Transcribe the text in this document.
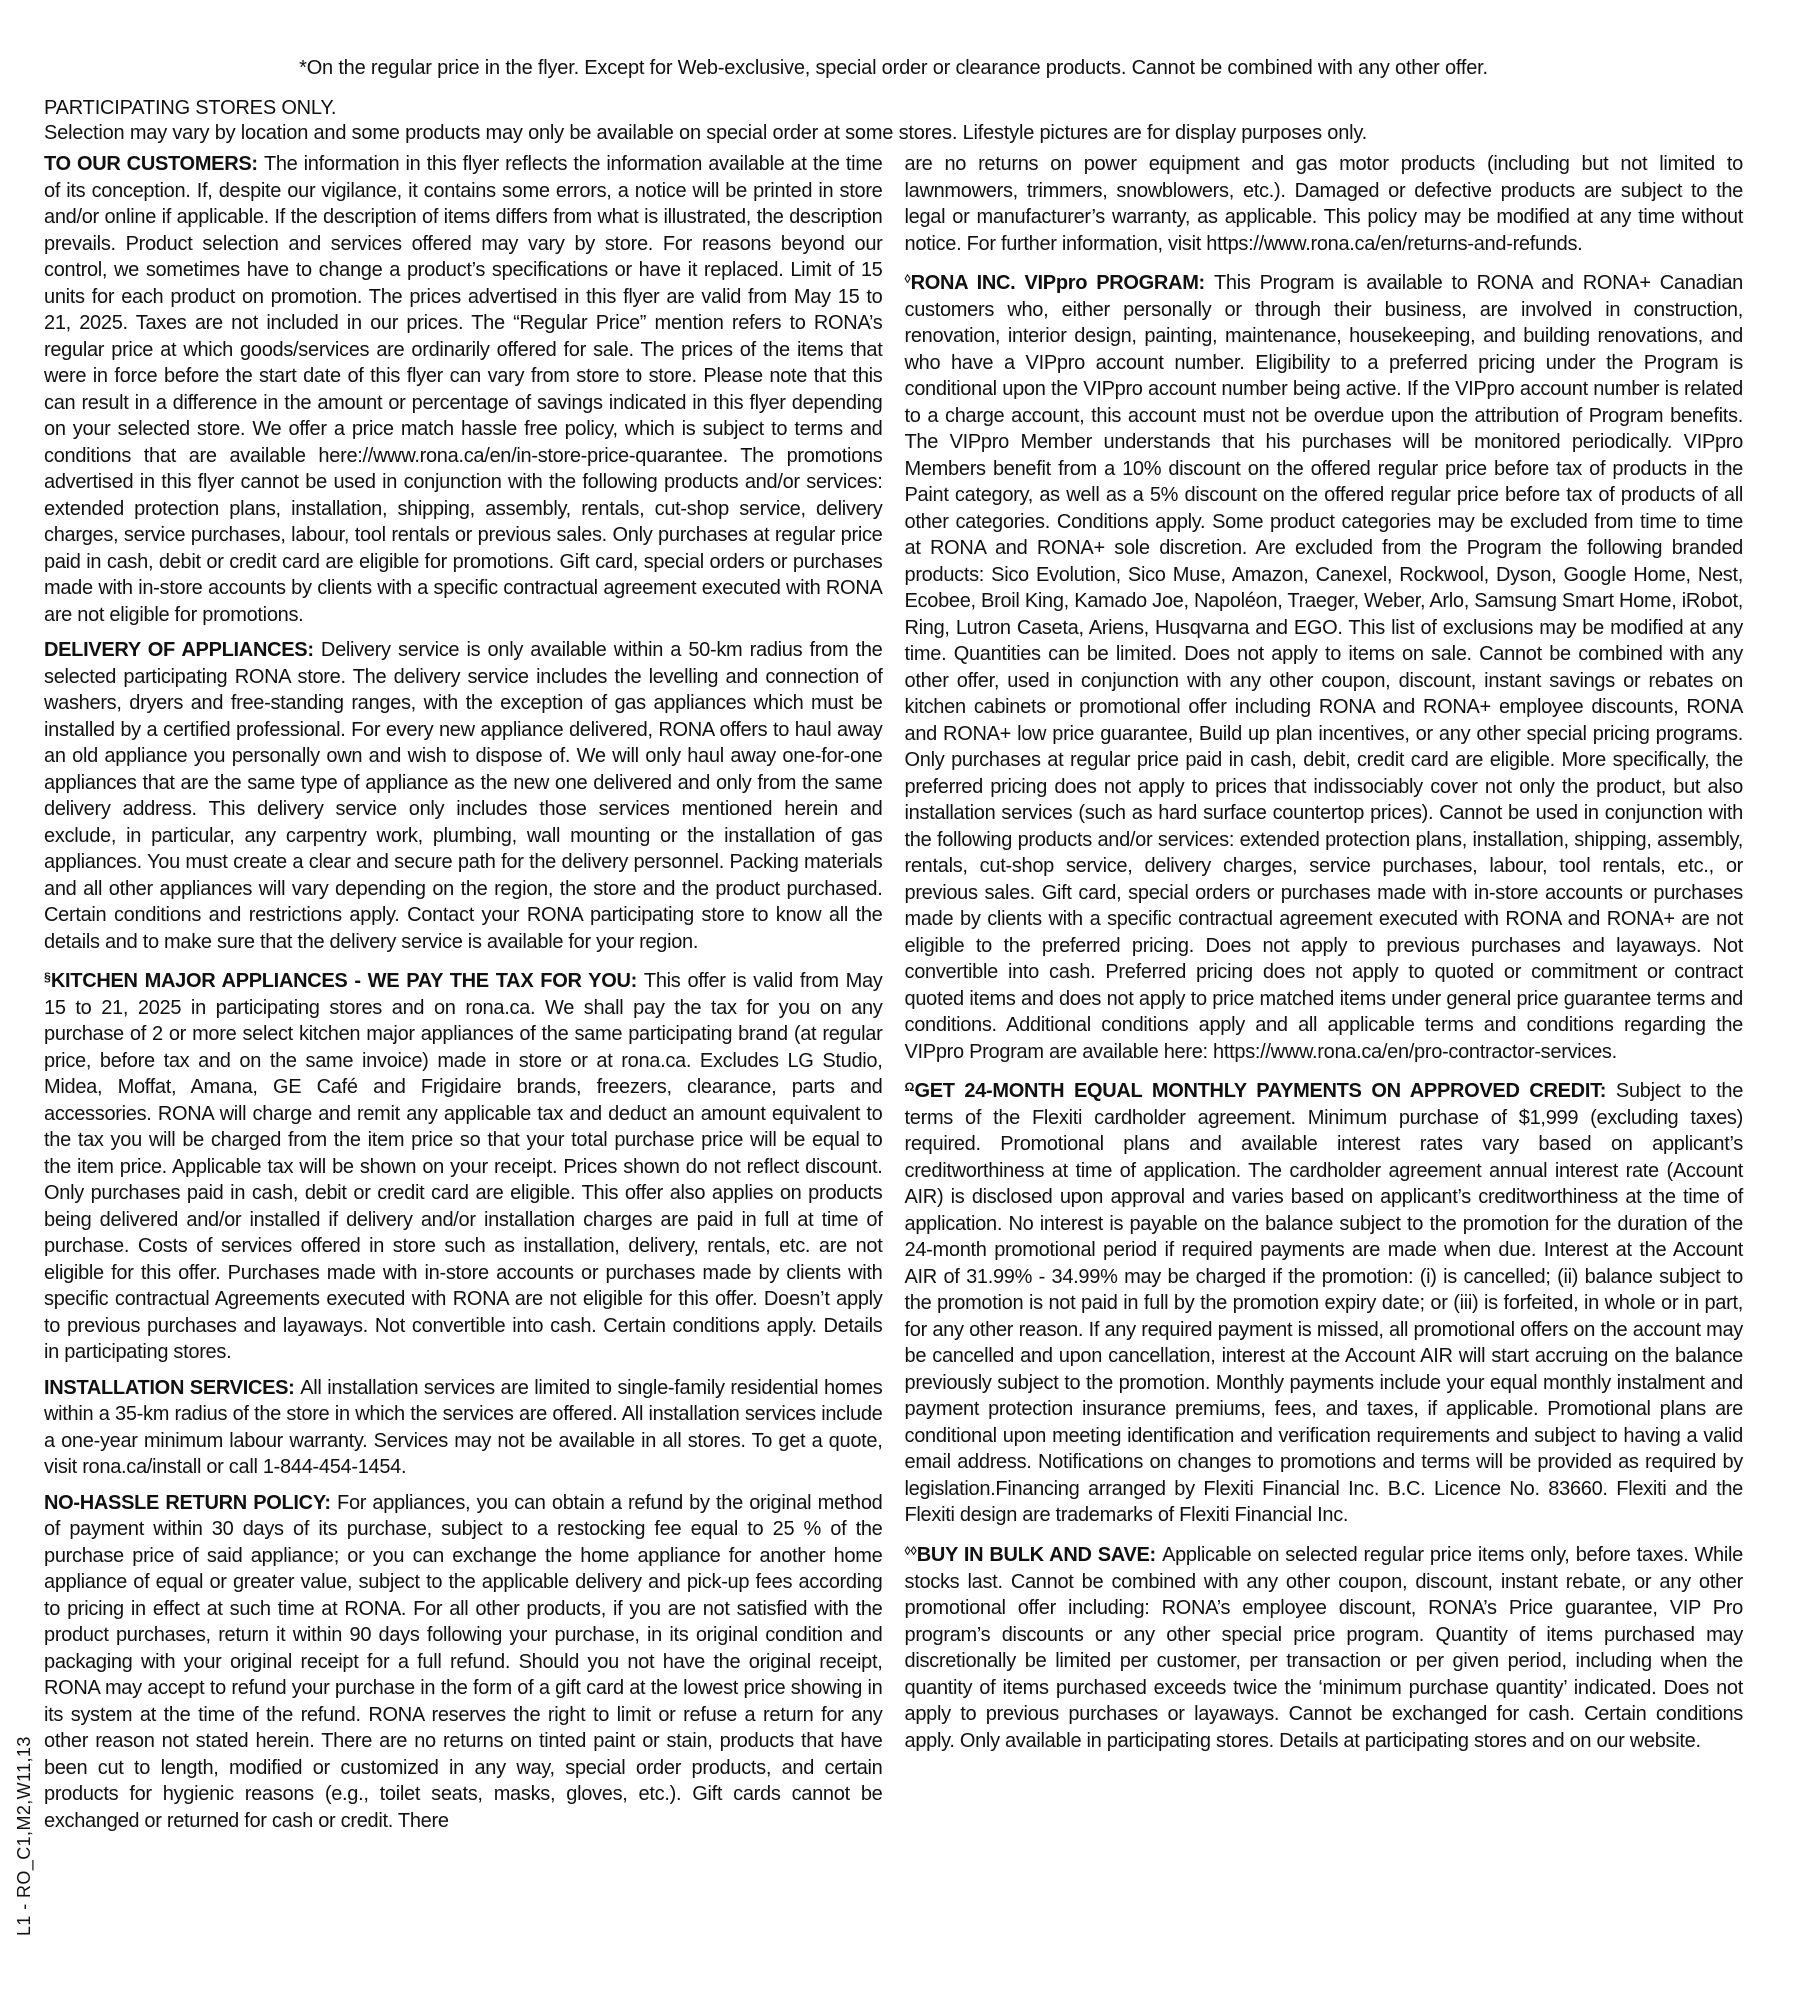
*On the regular price in the flyer. Except for Web-exclusive, special order or clearance products. Cannot be combined with any other offer.

PARTICIPATING STORES ONLY.

Selection may vary by location and some products may only be available on special order at some stores. Lifestyle pictures are for display purposes only.

TO OUR CUSTOMERS: The information in this flyer reflects the information available at the time of its conception. If, despite our vigilance, it contains some errors, a notice will be printed in store and/or online if applicable. If the description of items differs from what is illustrated, the description prevails. Product selection and services offered may vary by store. For reasons beyond our control, we sometimes have to change a product’s specifications or have it replaced. Limit of 15 units for each product on promotion. The prices advertised in this flyer are valid from May 15 to 21, 2025. Taxes are not included in our prices. The “Regular Price” mention refers to RONA’s regular price at which goods/services are ordinarily offered for sale. The prices of the items that were in force before the start date of this flyer can vary from store to store. Please note that this can result in a difference in the amount or percentage of savings indicated in this flyer depending on your selected store. We offer a price match hassle free policy, which is subject to terms and conditions that are available here://www.rona.ca/en/in-store-price-quarantee. The promotions advertised in this flyer cannot be used in conjunction with the following products and/or services: extended protection plans, installation, shipping, assembly, rentals, cut-shop service, delivery charges, service purchases, labour, tool rentals or previous sales. Only purchases at regular price paid in cash, debit or credit card are eligible for promotions. Gift card, special orders or purchases made with in-store accounts by clients with a specific contractual agreement executed with RONA are not eligible for promotions.

DELIVERY OF APPLIANCES: Delivery service is only available within a 50-km radius from the selected participating RONA store. The delivery service includes the levelling and connection of washers, dryers and free-standing ranges, with the exception of gas appliances which must be installed by a certified professional. For every new appliance delivered, RONA offers to haul away an old appliance you personally own and wish to dispose of. We will only haul away one-for-one appliances that are the same type of appliance as the new one delivered and only from the same delivery address. This delivery service only includes those services mentioned herein and exclude, in particular, any carpentry work, plumbing, wall mounting or the installation of gas appliances. You must create a clear and secure path for the delivery personnel. Packing materials and all other appliances will vary depending on the region, the store and the product purchased. Certain conditions and restrictions apply. Contact your RONA participating store to know all the details and to make sure that the delivery service is available for your region.

§KITCHEN MAJOR APPLIANCES - WE PAY THE TAX FOR YOU: This offer is valid from May 15 to 21, 2025 in participating stores and on rona.ca. We shall pay the tax for you on any purchase of 2 or more select kitchen major appliances of the same participating brand (at regular price, before tax and on the same invoice) made in store or at rona.ca. Excludes LG Studio, Midea, Moffat, Amana, GE Café and Frigidaire brands, freezers, clearance, parts and accessories. RONA will charge and remit any applicable tax and deduct an amount equivalent to the tax you will be charged from the item price so that your total purchase price will be equal to the item price. Applicable tax will be shown on your receipt. Prices shown do not reflect discount. Only purchases paid in cash, debit or credit card are eligible. This offer also applies on products being delivered and/or installed if delivery and/or installation charges are paid in full at time of purchase. Costs of services offered in store such as installation, delivery, rentals, etc. are not eligible for this offer. Purchases made with in-store accounts or purchases made by clients with specific contractual Agreements executed with RONA are not eligible for this offer. Doesn’t apply to previous purchases and layaways. Not convertible into cash. Certain conditions apply. Details in participating stores.

INSTALLATION SERVICES: All installation services are limited to single-family residential homes within a 35-km radius of the store in which the services are offered. All installation services include a one-year minimum labour warranty. Services may not be available in all stores. To get a quote, visit rona.ca/install or call 1-844-454-1454.

NO-HASSLE RETURN POLICY: For appliances, you can obtain a refund by the original method of payment within 30 days of its purchase, subject to a restocking fee equal to 25 % of the purchase price of said appliance; or you can exchange the home appliance for another home appliance of equal or greater value, subject to the applicable delivery and pick-up fees according to pricing in effect at such time at RONA. For all other products, if you are not satisfied with the product purchases, return it within 90 days following your purchase, in its original condition and packaging with your original receipt for a full refund. Should you not have the original receipt, RONA may accept to refund your purchase in the form of a gift card at the lowest price showing in its system at the time of the refund. RONA reserves the right to limit or refuse a return for any other reason not stated herein. There are no returns on tinted paint or stain, products that have been cut to length, modified or customized in any way, special order products, and certain products for hygienic reasons (e.g., toilet seats, masks, gloves, etc.). Gift cards cannot be exchanged or returned for cash or credit. There

are no returns on power equipment and gas motor products (including but not limited to lawnmowers, trimmers, snowblowers, etc.). Damaged or defective products are subject to the legal or manufacturer’s warranty, as applicable. This policy may be modified at any time without notice. For further information, visit https://www.rona.ca/en/returns-and-refunds.

◊RONA INC. VIPpro PROGRAM: This Program is available to RONA and RONA+ Canadian customers who, either personally or through their business, are involved in construction, renovation, interior design, painting, maintenance, housekeeping, and building renovations, and who have a VIPpro account number. Eligibility to a preferred pricing under the Program is conditional upon the VIPpro account number being active. If the VIPpro account number is related to a charge account, this account must not be overdue upon the attribution of Program benefits. The VIPpro Member understands that his purchases will be monitored periodically. VIPpro Members benefit from a 10% discount on the offered regular price before tax of products in the Paint category, as well as a 5% discount on the offered regular price before tax of products of all other categories. Conditions apply. Some product categories may be excluded from time to time at RONA and RONA+ sole discretion. Are excluded from the Program the following branded products: Sico Evolution, Sico Muse, Amazon, Canexel, Rockwool, Dyson, Google Home, Nest, Ecobee, Broil King, Kamado Joe, Napoléon, Traeger, Weber, Arlo, Samsung Smart Home, iRobot, Ring, Lutron Caseta, Ariens, Husqvarna and EGO. This list of exclusions may be modified at any time. Quantities can be limited. Does not apply to items on sale. Cannot be combined with any other offer, used in conjunction with any other coupon, discount, instant savings or rebates on kitchen cabinets or promotional offer including RONA and RONA+ employee discounts, RONA and RONA+ low price guarantee, Build up plan incentives, or any other special pricing programs. Only purchases at regular price paid in cash, debit, credit card are eligible. More specifically, the preferred pricing does not apply to prices that indissociably cover not only the product, but also installation services (such as hard surface countertop prices). Cannot be used in conjunction with the following products and/or services: extended protection plans, installation, shipping, assembly, rentals, cut-shop service, delivery charges, service purchases, labour, tool rentals, etc., or previous sales. Gift card, special orders or purchases made with in-store accounts or purchases made by clients with a specific contractual agreement executed with RONA and RONA+ are not eligible to the preferred pricing. Does not apply to previous purchases and layaways. Not convertible into cash. Preferred pricing does not apply to quoted or commitment or contract quoted items and does not apply to price matched items under general price guarantee terms and conditions. Additional conditions apply and all applicable terms and conditions regarding the VIPpro Program are available here: https://www.rona.ca/en/pro-contractor-services.

$^\Omega$GET 24-MONTH EQUAL MONTHLY PAYMENTS ON APPROVED CREDIT: Subject to the terms of the Flexiti cardholder agreement. Minimum purchase of $1,999 (excluding taxes) required. Promotional plans and available interest rates vary based on applicant’s creditworthiness at time of application. The cardholder agreement annual interest rate (Account AIR) is disclosed upon approval and varies based on applicant’s creditworthiness at the time of application. No interest is payable on the balance subject to the promotion for the duration of the 24-month promotional period if required payments are made when due. Interest at the Account AIR of 31.99% - 34.99% may be charged if the promotion: (i) is cancelled; (ii) balance subject to the promotion is not paid in full by the promotion expiry date; or (iii) is forfeited, in whole or in part, for any other reason. If any required payment is missed, all promotional offers on the account may be cancelled and upon cancellation, interest at the Account AIR will start accruing on the balance previously subject to the promotion. Monthly payments include your equal monthly instalment and payment protection insurance premiums, fees, and taxes, if applicable. Promotional plans are conditional upon meeting identification and verification requirements and subject to having a valid email address. Notifications on changes to promotions and terms will be provided as required by legislation.Financing arranged by Flexiti Financial Inc. B.C. Licence No. 83660. Flexiti and the Flexiti design are trademarks of Flexiti Financial Inc.

◊◊BUY IN BULK AND SAVE: Applicable on selected regular price items only, before taxes. While stocks last. Cannot be combined with any other coupon, discount, instant rebate, or any other promotional offer including: RONA’s employee discount, RONA’s Price guarantee, VIP Pro program’s discounts or any other special price program. Quantity of items purchased may discretionally be limited per customer, per transaction or per given period, including when the quantity of items purchased exceeds twice the ‘minimum purchase quantity’ indicated. Does not apply to previous purchases or layaways. Cannot be exchanged for cash. Certain conditions apply. Only available in participating stores. Details at participating stores and on our website.

L1 - RO_C1,M2,W11,13
